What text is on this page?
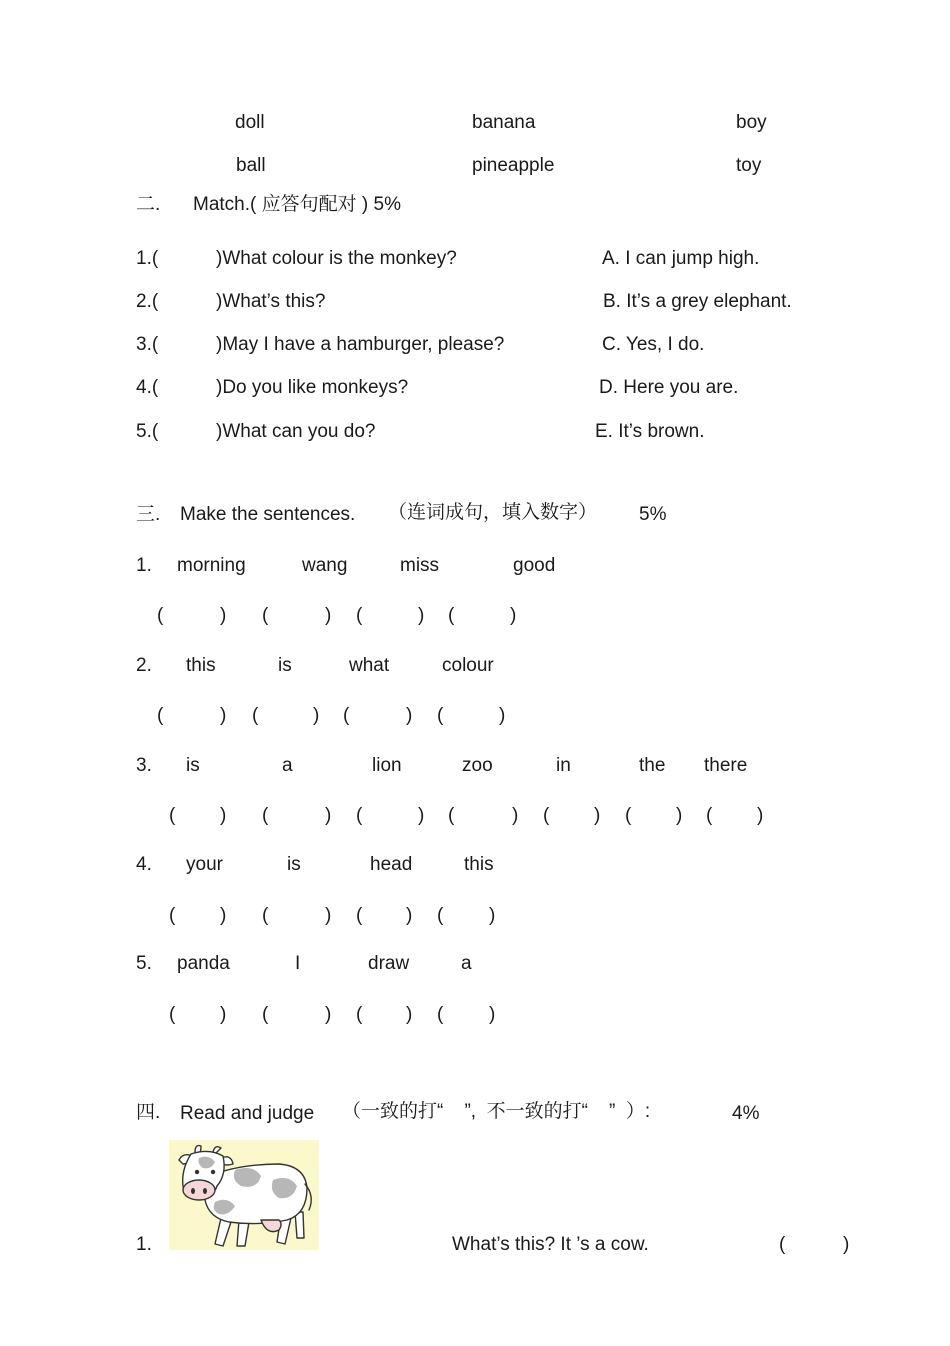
doll	banana	boy
ball	pineapple	toy
二. Match.( 应答句配对 ) 5%
1.(	)What colour is the monkey?	A. I can jump high.
2.(	)What’s this?	B. It’s a grey elephant.
3.(	)May I have a hamburger, please?	C. Yes, I do.
4.(	)Do you like monkeys?	D. Here you are.
5.(	)What can you do?	E. It’s brown.
三. Make the sentences. （连词成句，填入数字） 5%
1. morning	wang	miss	good
(	) (	) (	) (	)
2. this	is	what	colour
(	) (	) (	) (	)
3. is	a	lion	zoo	in	the there
( ) (	) (	) (	) ( ) ( ) ( )
4. your	is	head	this
( ) (	) ( ) ( )
5. panda	I	draw	a
( ) (	) ( ) ( )
四. Read and judge （一致的打“    ”,  不一致的打“    ”  ）:	4%
1.	What’s this? It ’s a cow.	(	)
